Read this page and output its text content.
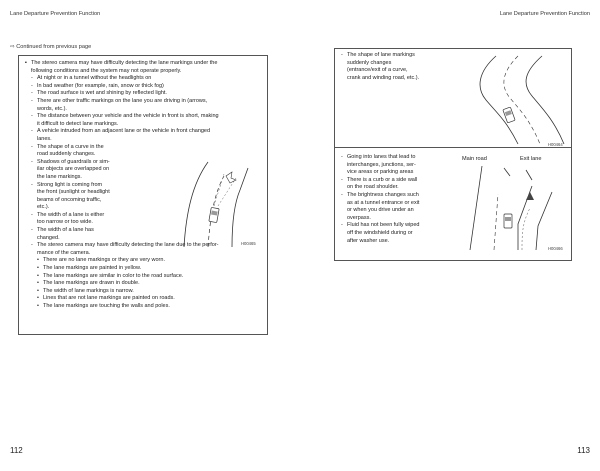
Lane Departure Prevention Function	Lane Departure Prevention Function
⇨ Continued from previous page
▪ The stereo camera may have difficulty detecting the lane markings under the
following conditions and the system may not operate properly.
- At night or in a tunnel without the headlights on
- In bad weather (for example, rain, snow or thick fog)
- The road surface is wet and shining by reflected light.
- There are other traffic markings on the lane you are driving in (arrows,
words, etc.).
- The distance between your vehicle and the vehicle in front is short, making
it difficult to detect lane markings.
- A vehicle intruded from an adjacent lane or the vehicle in front changed
lanes.
- The shape of a curve in the
road suddenly changes.
- Shadows of guardrails or sim-
ilar objects are overlapped on
the lane markings.
- Strong light is coming from
the front (sunlight or headlight
beams of oncoming traffic,
etc.).
- The width of a lane is either
too narrow or too wide.
- The width of a lane has
changed.
- The stereo camera may have difficulty detecting the lane due to the perfor-
mance of the camera.
• There are no lane markings or they are very worn.
• The lane markings are painted in yellow.
• The lane markings are similar in color to the road surface.
• The lane markings are drawn in double.
• The width of lane markings is narrow.
• Lines that are not lane markings are painted on roads.
• The lane markings are touching the walls and poles.
H00465
- The shape of lane markings
suddenly changes
(entrance/exit of a curve,
crank and winding road, etc.).
H00464
- Going into lanes that lead to
interchanges, junctions, ser-
vice areas or parking areas
- There is a curb or a side wall
on the road shoulder.
- The brightness changes such
as at a tunnel entrance or exit
or when you drive under an
overpass.
- Fluid has not been fully wiped
off the windshield during or
after washer use.
Main road	Exit lane
H00466
112	113
